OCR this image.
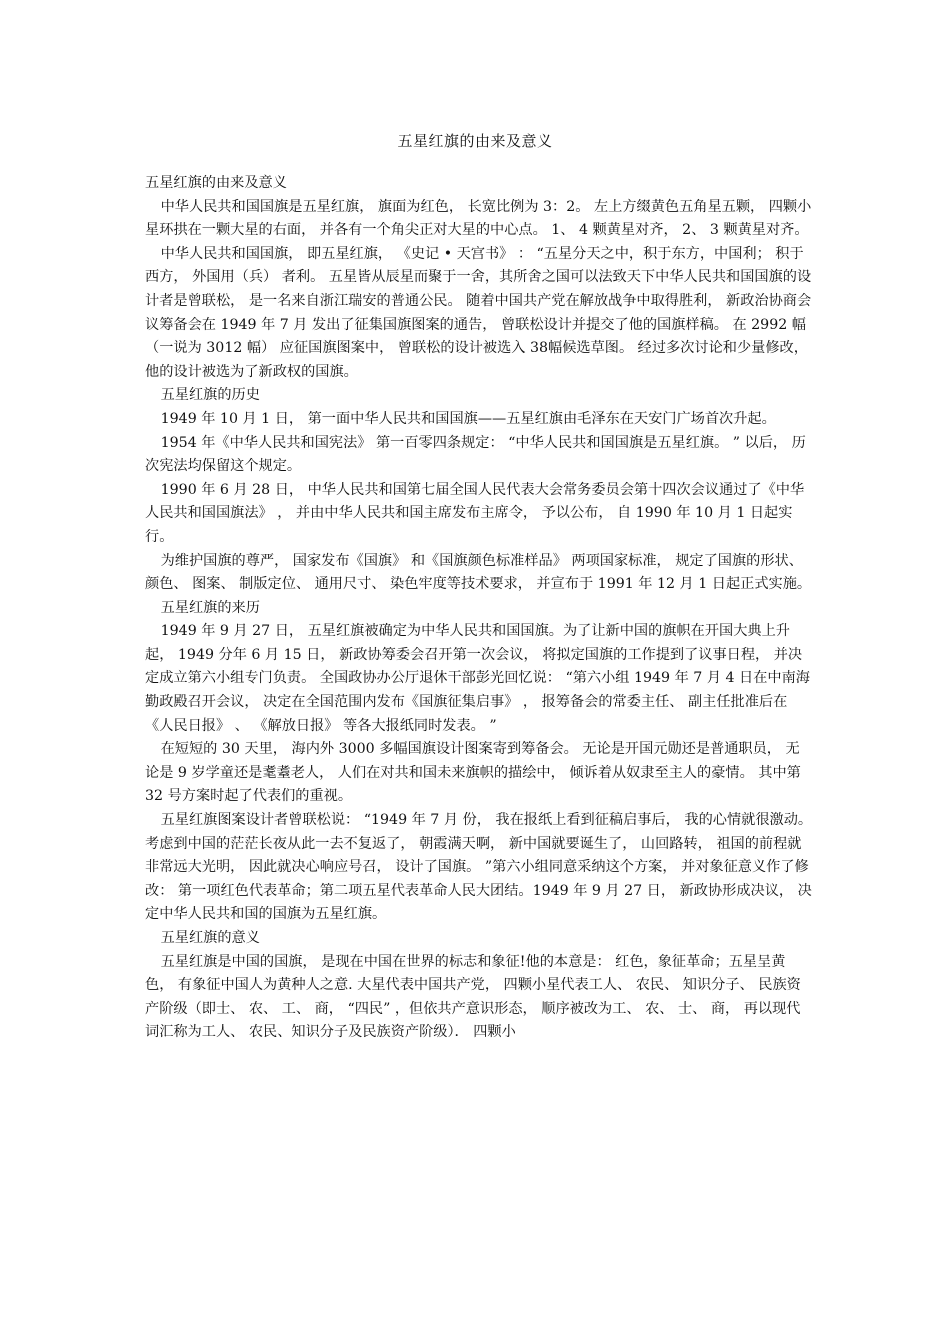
五星红旗的由来及意义

五星红旗的由来及意义

中华人民共和国国旗是五星红旗， 旗面为红色， 长宽比例为 3：2。 左上方缀黄色五角星五颗， 四颗小星环拱在一颗大星的右面， 并各有一个角尖正对大星的中心点。 1、 4 颗黄星对齐， 2、 3 颗黄星对齐。

中华人民共和国国旗， 即五星红旗， 《史记 • 天宫书》 ： “五星分天之中，积于东方，中国利； 积于西方， 外国用（兵） 者利。 五星皆从辰星而聚于一舍，其所舍之国可以法致天下中华人民共和国国旗的设计者是曾联松， 是一名来自浙江瑞安的普通公民。 随着中国共产党在解放战争中取得胜利， 新政治协商会议筹备会在 1949 年 7 月 发出了征集国旗图案的通告， 曾联松设计并提交了他的国旗样稿。 在 2992 幅（一说为 3012 幅） 应征国旗图案中， 曾联松的设计被选入 38幅候选草图。 经过多次讨论和少量修改， 他的设计被选为了新政权的国旗。

五星红旗的历史

1949 年 10 月 1 日， 第一面中华人民共和国国旗——五星红旗由毛泽东在天安门广场首次升起。

1954 年《中华人民共和国宪法》 第一百零四条规定： “中华人民共和国国旗是五星红旗。 ” 以后， 历次宪法均保留这个规定。

1990 年 6 月 28 日， 中华人民共和国第七届全国人民代表大会常务委员会第十四次会议通过了《中华人民共和国国旗法》 ， 并由中华人民共和国主席发布主席令， 予以公布， 自 1990 年 10 月 1 日起实行。

为维护国旗的尊严， 国家发布《国旗》 和《国旗颜色标准样品》 两项国家标准， 规定了国旗的形状、 颜色、 图案、 制版定位、 通用尺寸、 染色牢度等技术要求， 并宣布于 1991 年 12 月 1 日起正式实施。

五星红旗的来历

1949 年 9 月 27 日， 五星红旗被确定为中华人民共和国国旗。为了让新中国的旗帜在开国大典上升起， 1949 分年 6 月 15 日， 新政协筹委会召开第一次会议， 将拟定国旗的工作提到了议事日程， 并决定成立第六小组专门负责。 全国政协办公厅退休干部彭光回忆说： “第六小组 1949 年 7 月 4 日在中南海勤政殿召开会议， 决定在全国范围内发布《国旗征集启事》 ， 报筹备会的常委主任、 副主任批准后在《人民日报》 、 《解放日报》 等各大报纸同时发表。 ”

在短短的 30 天里， 海内外 3000 多幅国旗设计图案寄到筹备会。 无论是开国元勋还是普通职员， 无论是 9 岁学童还是耄耋老人， 人们在对共和国未来旗帜的描绘中， 倾诉着从奴隶至主人的豪情。 其中第 32 号方案时起了代表们的重视。

五星红旗图案设计者曾联松说： “1949 年 7 月 份， 我在报纸上看到征稿启事后， 我的心情就很激动。 考虑到中国的茫茫长夜从此一去不复返了， 朝霞满天啊， 新中国就要诞生了， 山回路转， 祖国的前程就非常远大光明， 因此就决心响应号召， 设计了国旗。 ”第六小组同意采纳这个方案， 并对象征意义作了修改： 第一项红色代表革命；第二项五星代表革命人民大团结。1949 年 9 月 27 日， 新政协形成决议， 决定中华人民共和国的国旗为五星红旗。

五星红旗的意义

五星红旗是中国的国旗， 是现在中国在世界的标志和象征!他的本意是： 红色，象征革命；五星呈黄色， 有象征中国人为黄种人之意. 大星代表中国共产党， 四颗小星代表工人、 农民、 知识分子、 民族资产阶级（即士、 农、 工、 商， “四民” ，但依共产意识形态， 顺序被改为工、 农、 士、 商， 再以现代词汇称为工人、 农民、知识分子及民族资产阶级）． 四颗小
